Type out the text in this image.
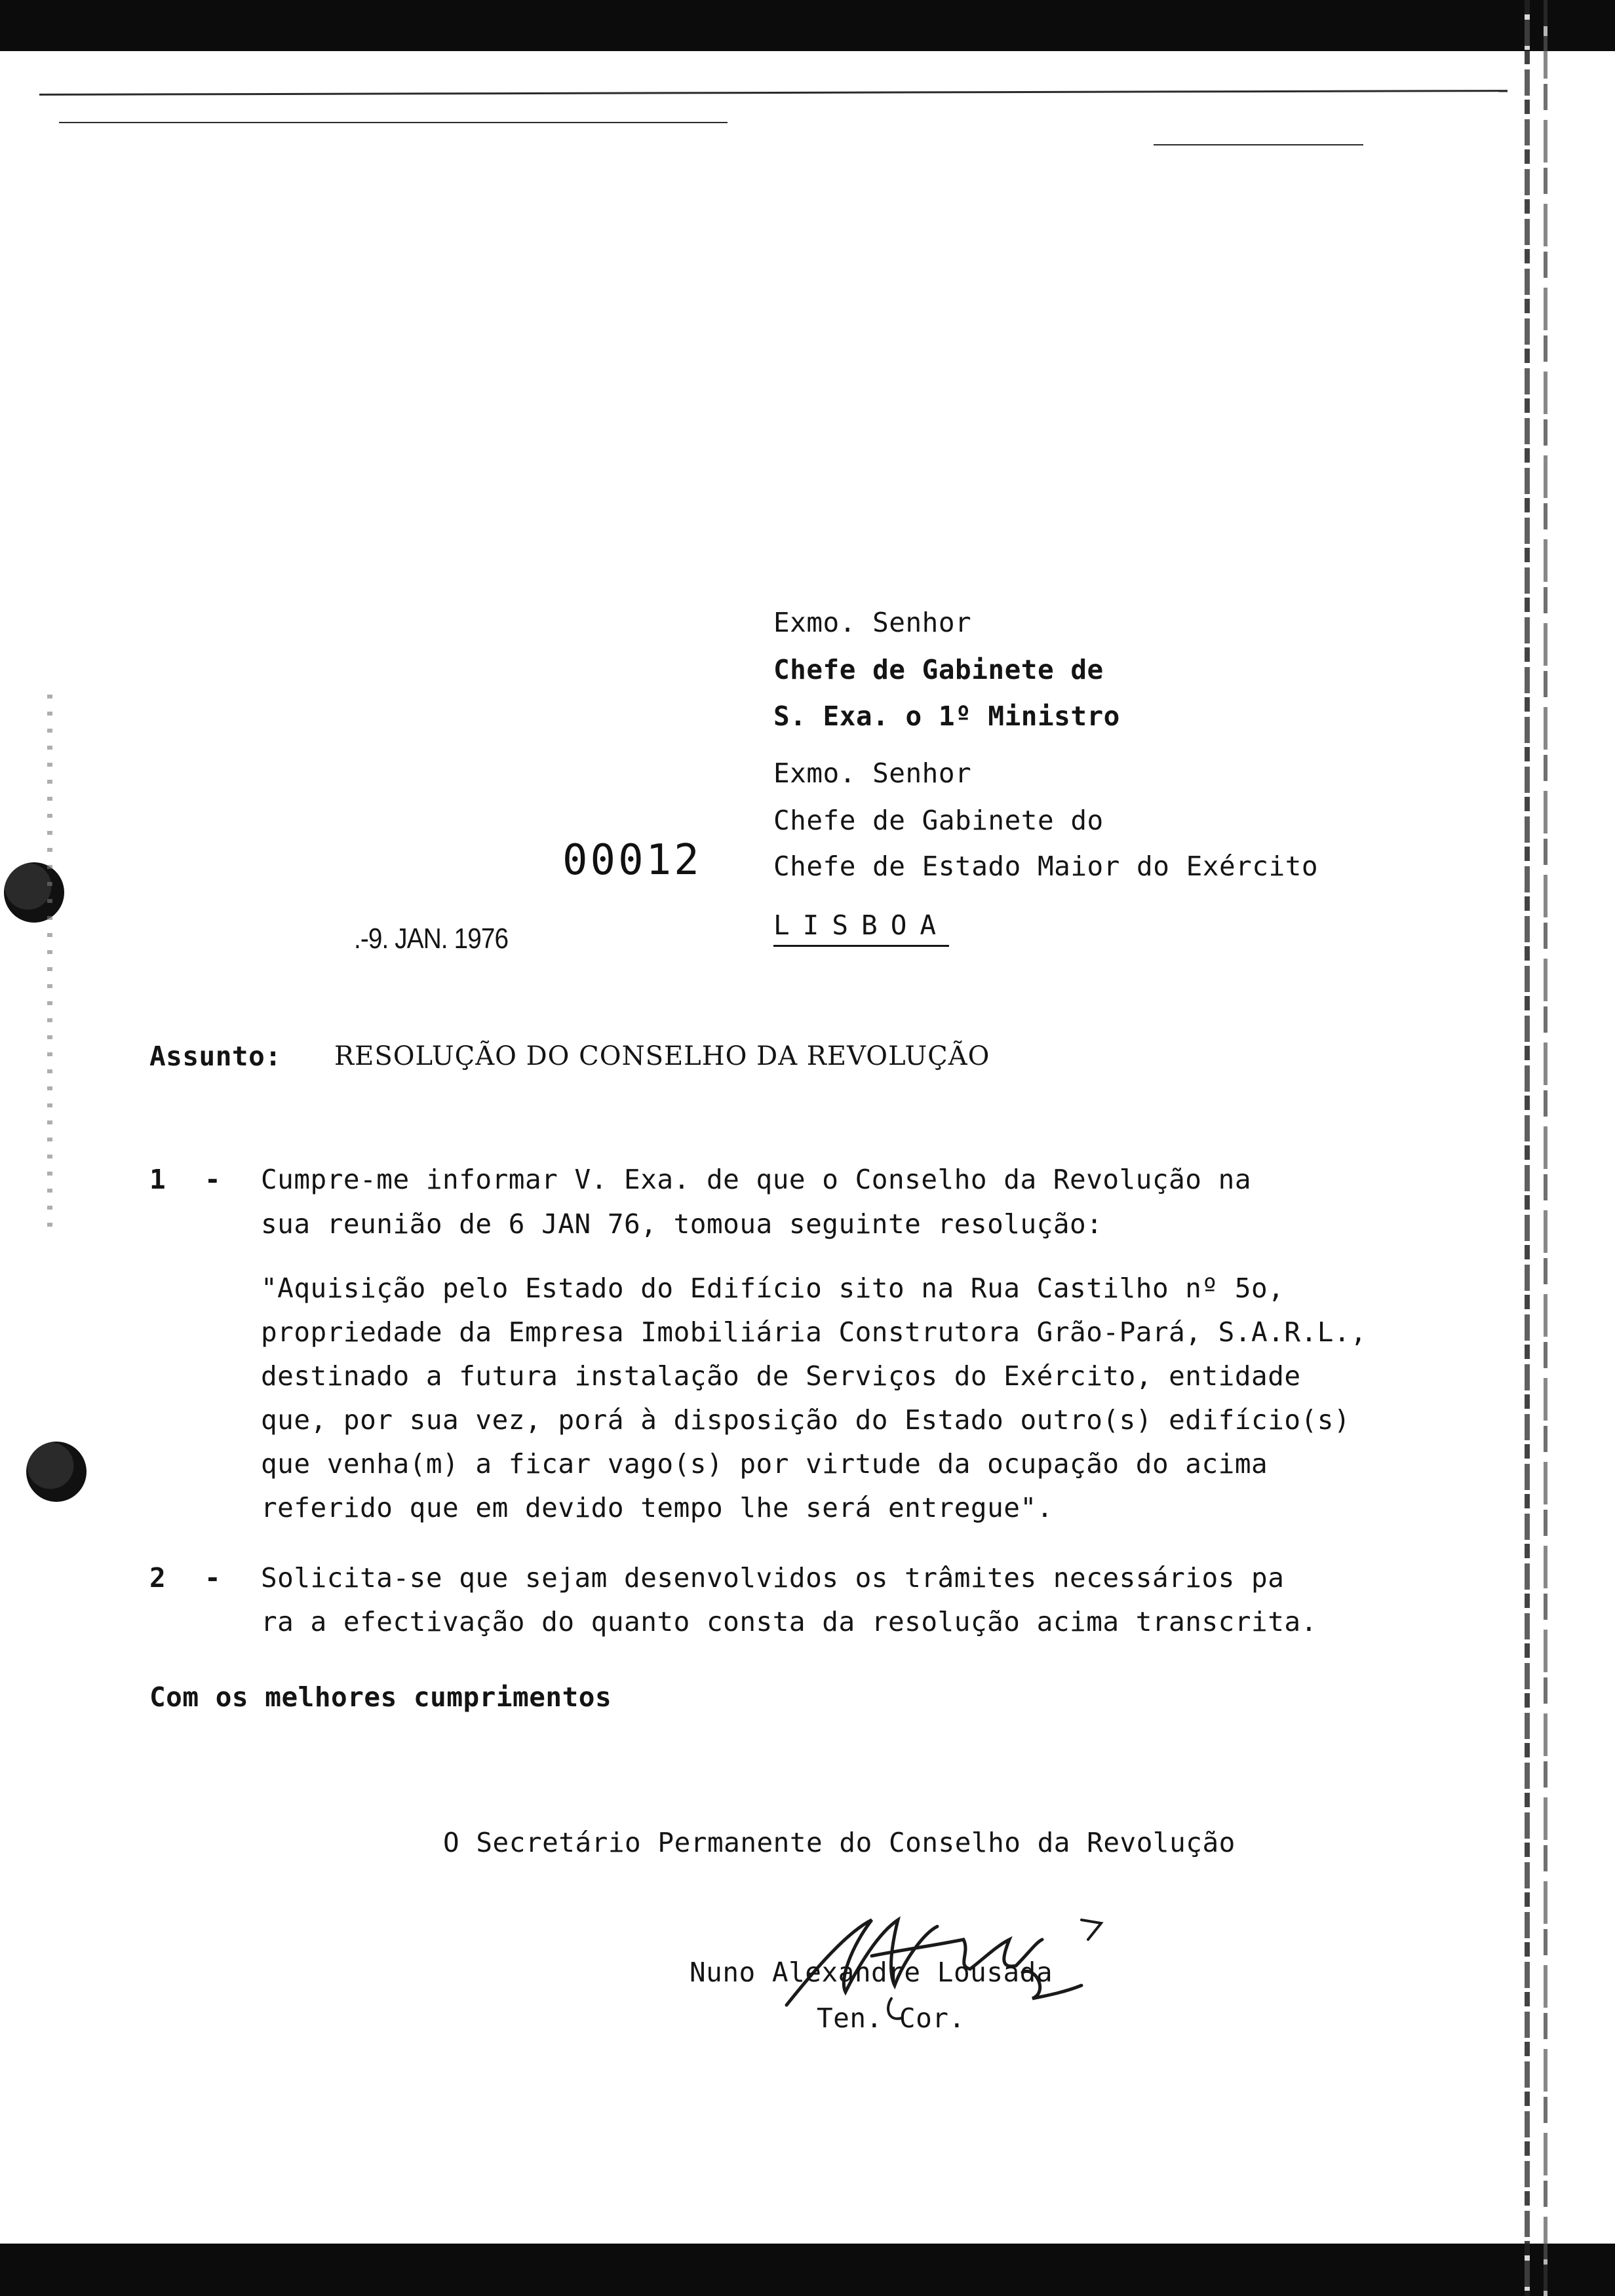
Exmo. Senhor
Chefe de Gabinete de
S. Exa. o 1º Ministro
Exmo. Senhor
Chefe de Gabinete do
Chefe de Estado Maior do Exército
LISBOA
00012
.-9. JAN. 1976
Assunto: RESOLUÇÃO DO CONSELHO DA REVOLUÇÃO
1 - Cumpre-me informar V. Exa. de que o Conselho da Revolução na
sua reunião de 6 JAN 76, tomoua seguinte resolução:
"Aquisição pelo Estado do Edifício sito na Rua Castilho nº 5o,
propriedade da Empresa Imobiliária Construtora Grão-Pará, S.A.R.L.,
destinado a futura instalação de Serviços do Exército, entidade
que, por sua vez, porá à disposição do Estado outro(s) edifício(s)
que venha(m) a ficar vago(s) por virtude da ocupação do acima
referido que em devido tempo lhe será entregue".
2 - Solicita-se que sejam desenvolvidos os trâmites necessários pa
ra a efectivação do quanto consta da resolução acima transcrita.
Com os melhores cumprimentos
O Secretário Permanente do Conselho da Revolução
Nuno Alexandre Lousada
Ten. Cor.
